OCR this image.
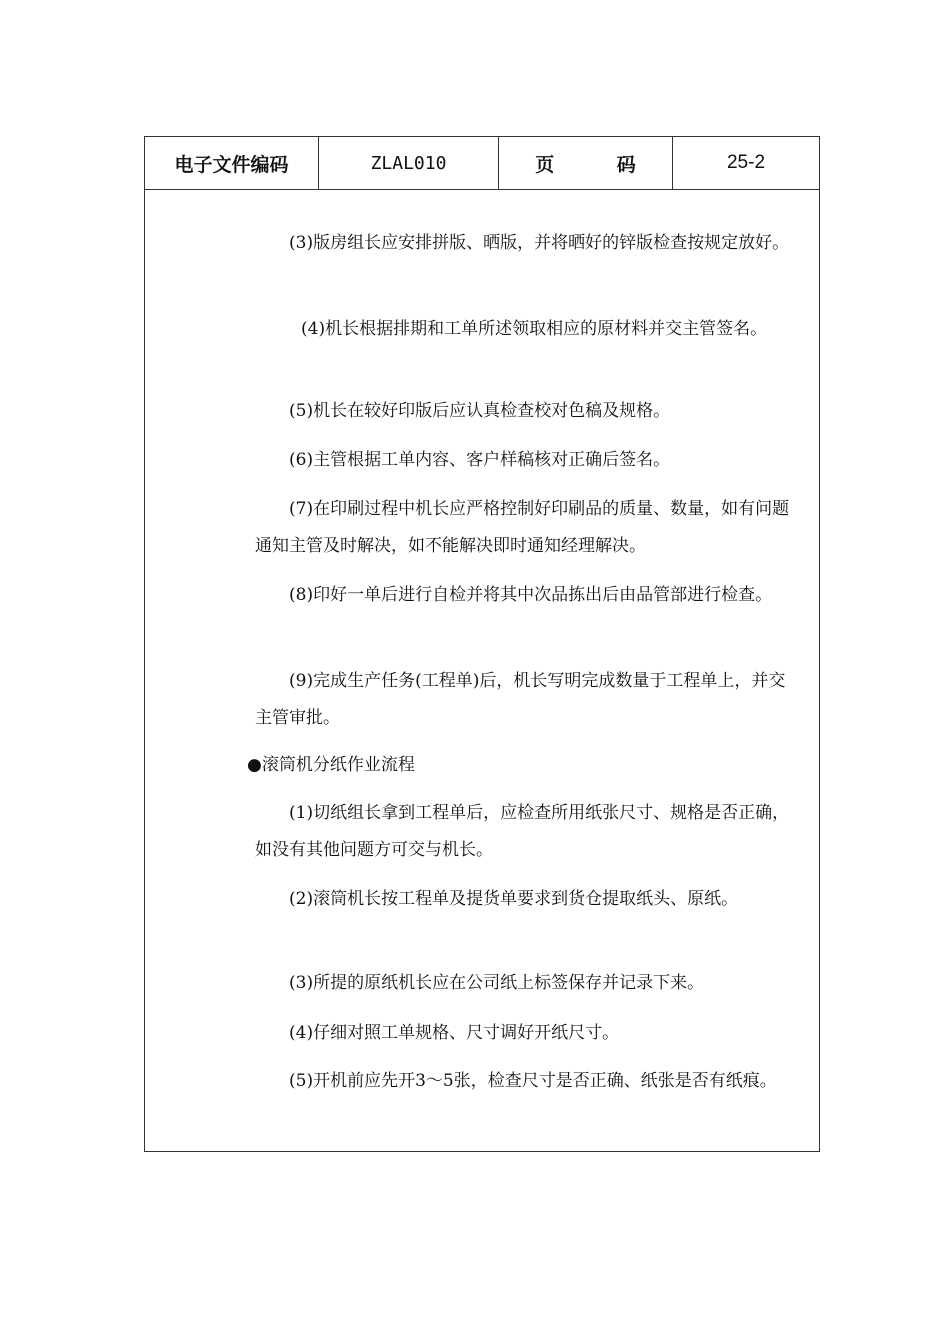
电子文件编码	ZLAL010	页 码	25-2

(3)版房组长应安排拼版、晒版，并将晒好的锌版检查按规定放好。

(4)机长根据排期和工单所述领取相应的原材料并交主管签名。

(5)机长在较好印版后应认真检查校对色稿及规格。

(6)主管根据工单内容、客户样稿核对正确后签名。

(7)在印刷过程中机长应严格控制好印刷品的质量、数量，如有问题通知主管及时解决，如不能解决即时通知经理解决。

(8)印好一单后进行自检并将其中次品拣出后由品管部进行检查。

(9)完成生产任务(工程单)后，机长写明完成数量于工程单上，并交主管审批。

●滚筒机分纸作业流程

(1)切纸组长拿到工程单后，应检查所用纸张尺寸、规格是否正确，如没有其他问题方可交与机长。

(2)滚筒机长按工程单及提货单要求到货仓提取纸头、原纸。

(3)所提的原纸机长应在公司纸上标签保存并记录下来。

(4)仔细对照工单规格、尺寸调好开纸尺寸。

(5)开机前应先开3～5张，检查尺寸是否正确、纸张是否有纸痕。
